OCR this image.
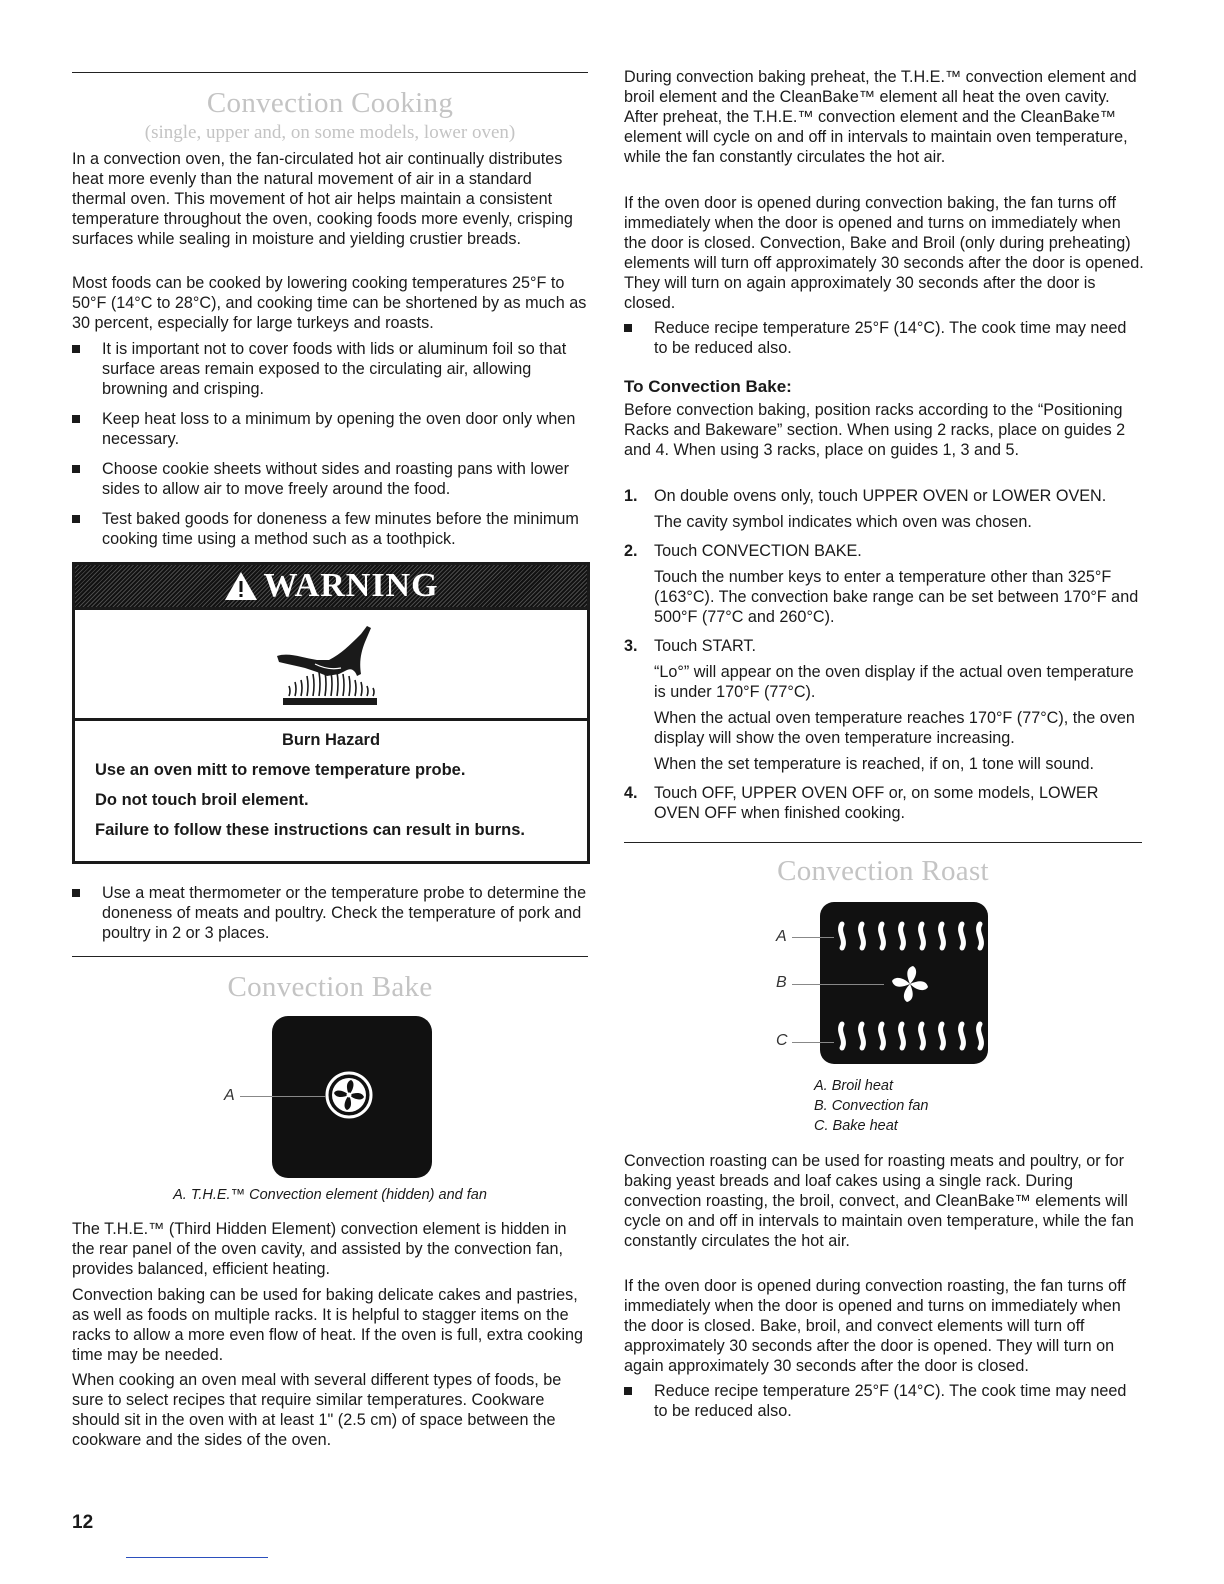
Convection Cooking
(single, upper and, on some models, lower oven)

In a convection oven, the fan-circulated hot air continually distributes heat more evenly than the natural movement of air in a standard thermal oven. This movement of hot air helps maintain a consistent temperature throughout the oven, cooking foods more evenly, crisping surfaces while sealing in moisture and yielding crustier breads.

Most foods can be cooked by lowering cooking temperatures 25°F to 50°F (14°C to 28°C), and cooking time can be shortened by as much as 30 percent, especially for large turkeys and roasts.

It is important not to cover foods with lids or aluminum foil so that surface areas remain exposed to the circulating air, allowing browning and crisping.
Keep heat loss to a minimum by opening the oven door only when necessary.
Choose cookie sheets without sides and roasting pans with lower sides to allow air to move freely around the food.
Test baked goods for doneness a few minutes before the minimum cooking time using a method such as a toothpick.
WARNING
Burn Hazard
Use an oven mitt to remove temperature probe.
Do not touch broil element.
Failure to follow these instructions can result in burns.
Use a meat thermometer or the temperature probe to determine the doneness of meats and poultry. Check the temperature of pork and poultry in 2 or 3 places.
Convection Bake
A
A. T.H.E.™ Convection element (hidden) and fan

The T.H.E.™ (Third Hidden Element) convection element is hidden in the rear panel of the oven cavity, and assisted by the convection fan, provides balanced, efficient heating.

Convection baking can be used for baking delicate cakes and pastries, as well as foods on multiple racks. It is helpful to stagger items on the racks to allow a more even flow of heat. If the oven is full, extra cooking time may be needed.

When cooking an oven meal with several different types of foods, be sure to select recipes that require similar temperatures. Cookware should sit in the oven with at least 1" (2.5 cm) of space between the cookware and the sides of the oven.

During convection baking preheat, the T.H.E.™ convection element and broil element and the CleanBake™ element all heat the oven cavity. After preheat, the T.H.E.™ convection element and the CleanBake™ element will cycle on and off in intervals to maintain oven temperature, while the fan constantly circulates the hot air.

If the oven door is opened during convection baking, the fan turns off immediately when the door is opened and turns on immediately when the door is closed. Convection, Bake and Broil (only during preheating) elements will turn off approximately 30 seconds after the door is opened. They will turn on again approximately 30 seconds after the door is closed.

Reduce recipe temperature 25°F (14°C). The cook time may need to be reduced also.
To Convection Bake:

Before convection baking, position racks according to the “Positioning Racks and Bakeware” section. When using 2 racks, place on guides 2 and 4. When using 3 racks, place on guides 1, 3 and 5.

1. On double ovens only, touch UPPER OVEN or LOWER OVEN.
The cavity symbol indicates which oven was chosen.
2. Touch CONVECTION BAKE.
Touch the number keys to enter a temperature other than 325°F (163°C). The convection bake range can be set between 170°F and 500°F (77°C and 260°C).
3. Touch START.
“Lo°” will appear on the oven display if the actual oven temperature is under 170°F (77°C).
When the actual oven temperature reaches 170°F (77°C), the oven display will show the oven temperature increasing.
When the set temperature is reached, if on, 1 tone will sound.
4. Touch OFF, UPPER OVEN OFF or, on some models, LOWER OVEN OFF when finished cooking.
Convection Roast
A
B
C
A. Broil heat
B. Convection fan
C. Bake heat

Convection roasting can be used for roasting meats and poultry, or for baking yeast breads and loaf cakes using a single rack. During convection roasting, the broil, convect, and CleanBake™ elements will cycle on and off in intervals to maintain oven temperature, while the fan constantly circulates the hot air.

If the oven door is opened during convection roasting, the fan turns off immediately when the door is opened and turns on immediately when the door is closed. Bake, broil, and convect elements will turn off approximately 30 seconds after the door is opened. They will turn on again approximately 30 seconds after the door is closed.

Reduce recipe temperature 25°F (14°C). The cook time may need to be reduced also.
12
